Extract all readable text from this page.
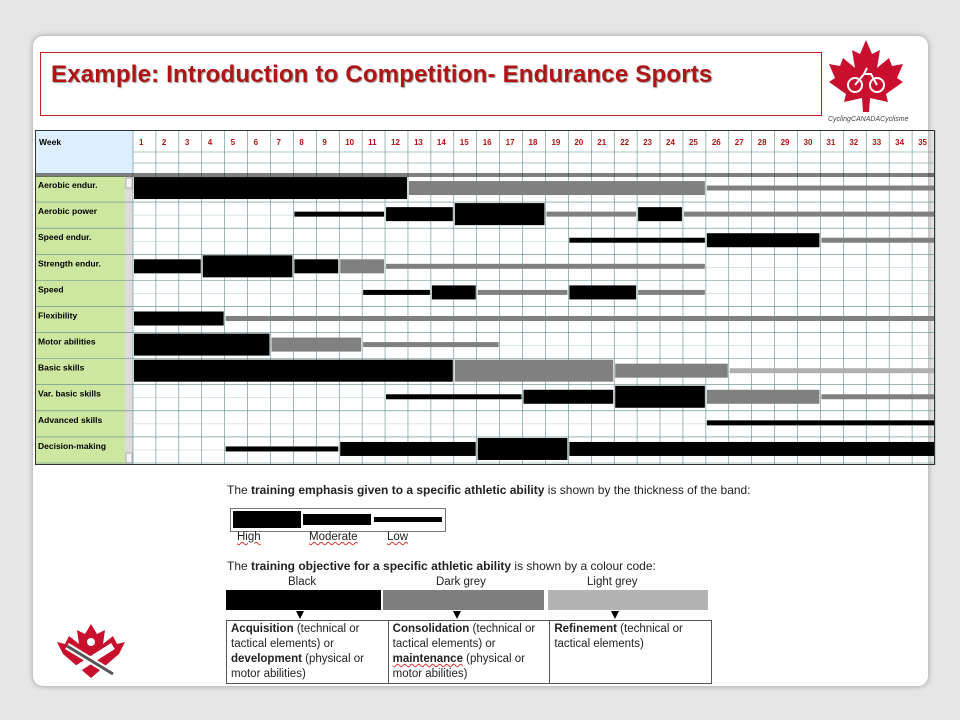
Example: Introduction to Competition- Endurance Sports
CyclingCANADACyclisme
Week	1 2 3 4 5 6 7 8 9 10 11 12 13 14 15 16 17 18 19 20 21 22 23 24 25 26 27 28 29 30 31 32 33 34 35
Aerobic endur.
Aerobic power
Speed endur.
Strength endur.
Speed
Flexibility
Motor abilities
Basic skills
Var. basic skills
Advanced skills
Decision-making
The training emphasis given to a specific athletic ability is shown by the thickness of the band:
High	Moderate	Low
The training objective for a specific athletic ability is shown by a colour code:
Black	Dark grey	Light grey
Acquisition (technical or tactical elements) or development (physical or motor abilities)
Consolidation (technical or tactical elements) or maintenance (physical or motor abilities)
Refinement (technical or tactical elements)
